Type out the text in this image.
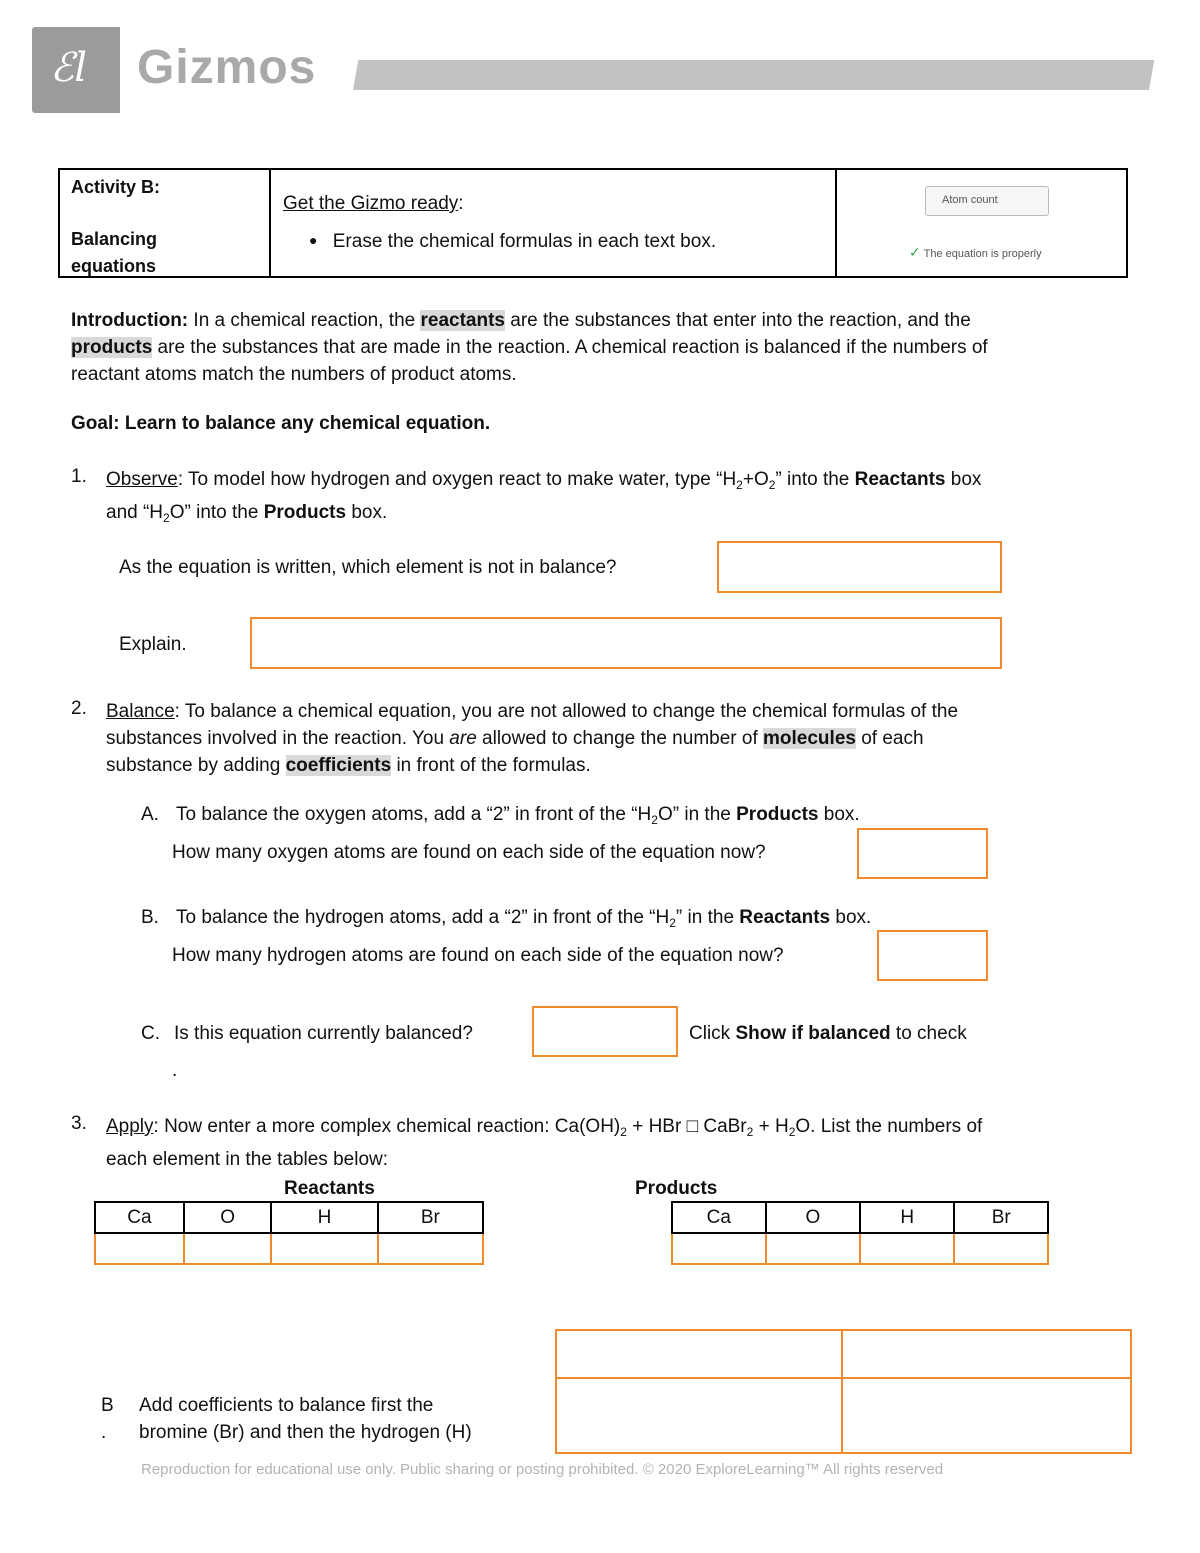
ℰl Gizmos
Activity B:
Balancing
equations
Get the Gizmo ready:
● Erase the chemical formulas in each text box.
Atom count
✓ The equation is properly
Introduction: In a chemical reaction, the reactants are the substances that enter into the reaction, and the
products are the substances that are made in the reaction. A chemical reaction is balanced if the numbers of
reactant atoms match the numbers of product atoms.
Goal: Learn to balance any chemical equation.
1. Observe: To model how hydrogen and oxygen react to make water, type “$H_2+O_2$” into the Reactants box
and “$H_2O$” into the Products box.
As the equation is written, which element is not in balance?
Explain.
2. Balance: To balance a chemical equation, you are not allowed to change the chemical formulas of the
substances involved in the reaction. You are allowed to change the number of molecules of each
substance by adding coefficients in front of the formulas.
A. To balance the oxygen atoms, add a “2” in front of the “$H_2O$” in the Products box.
How many oxygen atoms are found on each side of the equation now?
B. To balance the hydrogen atoms, add a “2” in front of the “$H_2$” in the Reactants box.
How many hydrogen atoms are found on each side of the equation now?
C. Is this equation currently balanced?	Click Show if balanced to check
.
3. Apply: Now enter a more complex chemical reaction: $Ca(OH)_2$ + HBr □ CaBr$_2$ + $H_2O$. List the numbers of
each element in the tables below:
Reactants
Ca	O	H	Br

Products
Ca	O	H	Br

B
.
Add coefficients to balance first the
bromine (Br) and then the hydrogen (H)
Reproduction for educational use only. Public sharing or posting prohibited. © 2020 ExploreLearning™ All rights reserved
